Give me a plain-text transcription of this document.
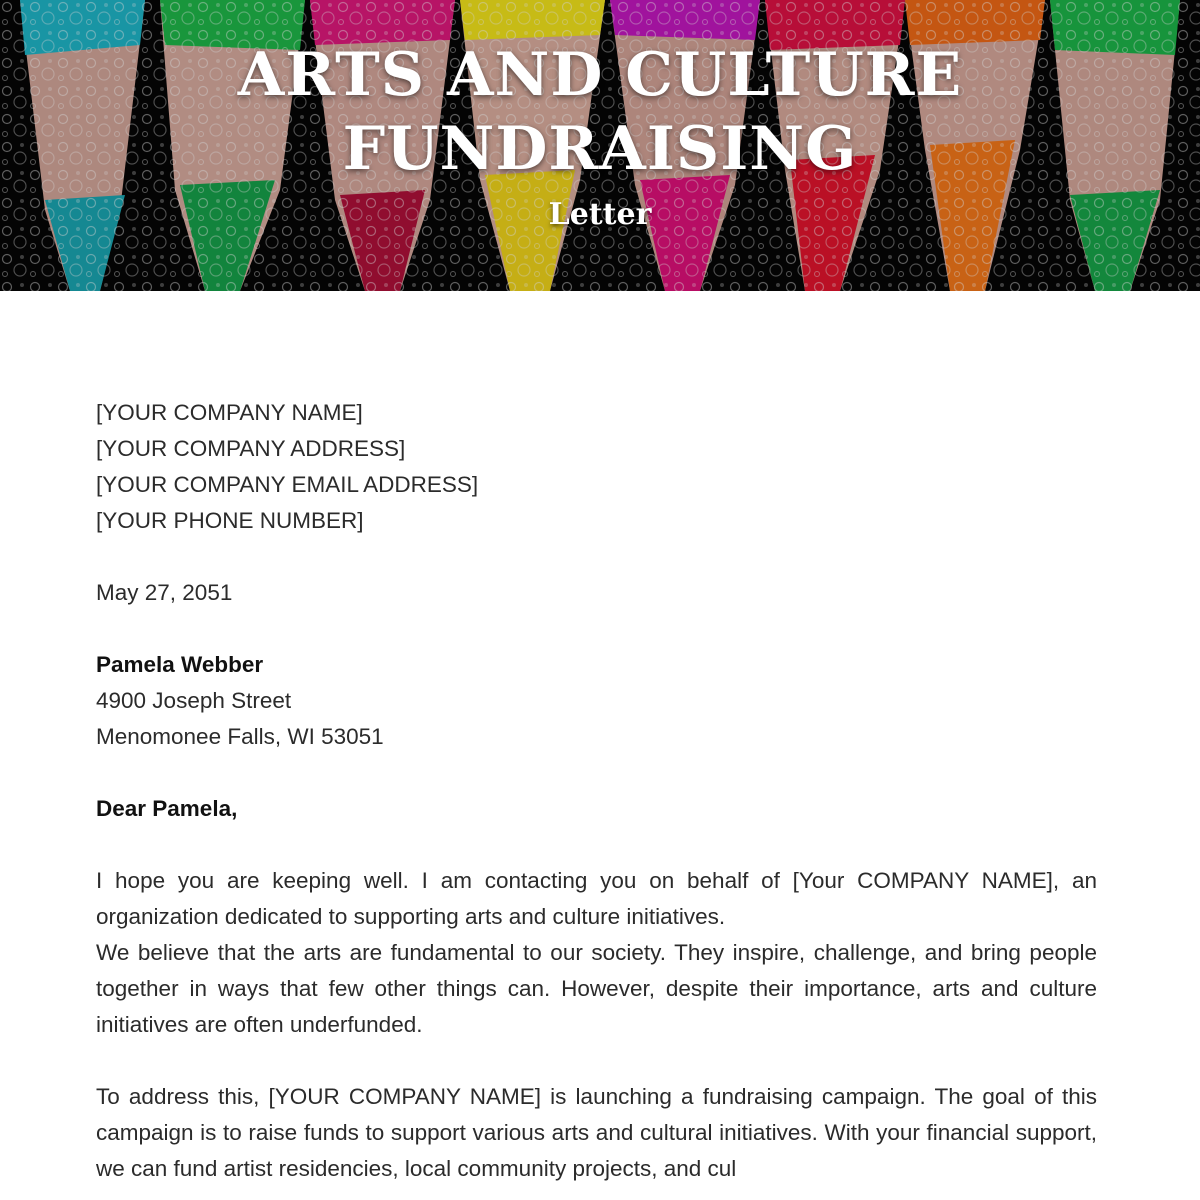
ARTS AND CULTURE
FUNDRAISING
Letter
[YOUR COMPANY NAME]
[YOUR COMPANY ADDRESS]
[YOUR COMPANY EMAIL ADDRESS]
[YOUR PHONE NUMBER]
May 27, 2051
Pamela Webber
4900 Joseph Street
Menomonee Falls, WI 53051
Dear Pamela,

I hope you are keeping well. I am contacting you on behalf of [Your COMPANY NAME], an organization dedicated to supporting arts and culture initiatives.

We believe that the arts are fundamental to our society. They inspire, challenge, and bring people together in ways that few other things can. However, despite their importance, arts and culture initiatives are often underfunded.

To address this, [YOUR COMPANY NAME] is launching a fundraising campaign. The goal of this campaign is to raise funds to support various arts and cultural initiatives. With your financial support, we can fund artist residencies, local community projects, and cul
